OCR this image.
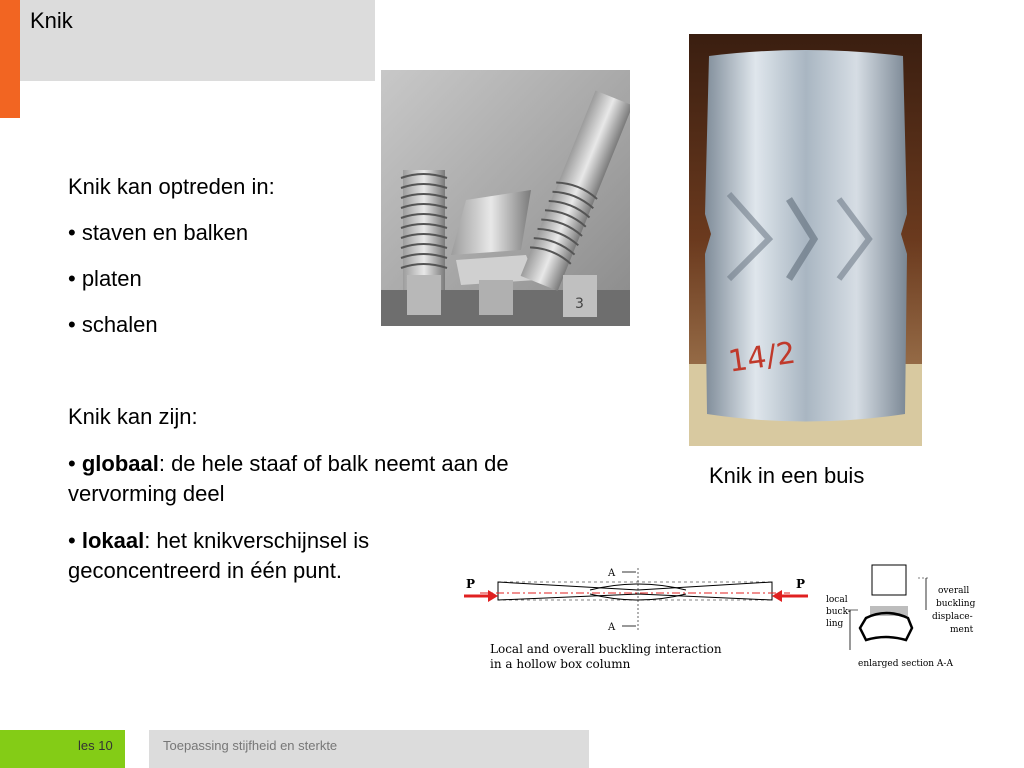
Knik
Knik kan optreden in:
• staven en balken
• platen
• schalen
Knik kan zijn:
• globaal: de hele staaf of balk neemt aan de vervorming deel
• lokaal: het knikverschijnsel is geconcentreerd in één punt.
3
14/2
Knik in een buis
A
A
P	P
Local and overall buckling interaction
in a hollow box column
local
buck-
ling
overall
buckling
displace-
ment
enlarged section A-A
les 10	Toepassing stijfheid en sterkte
